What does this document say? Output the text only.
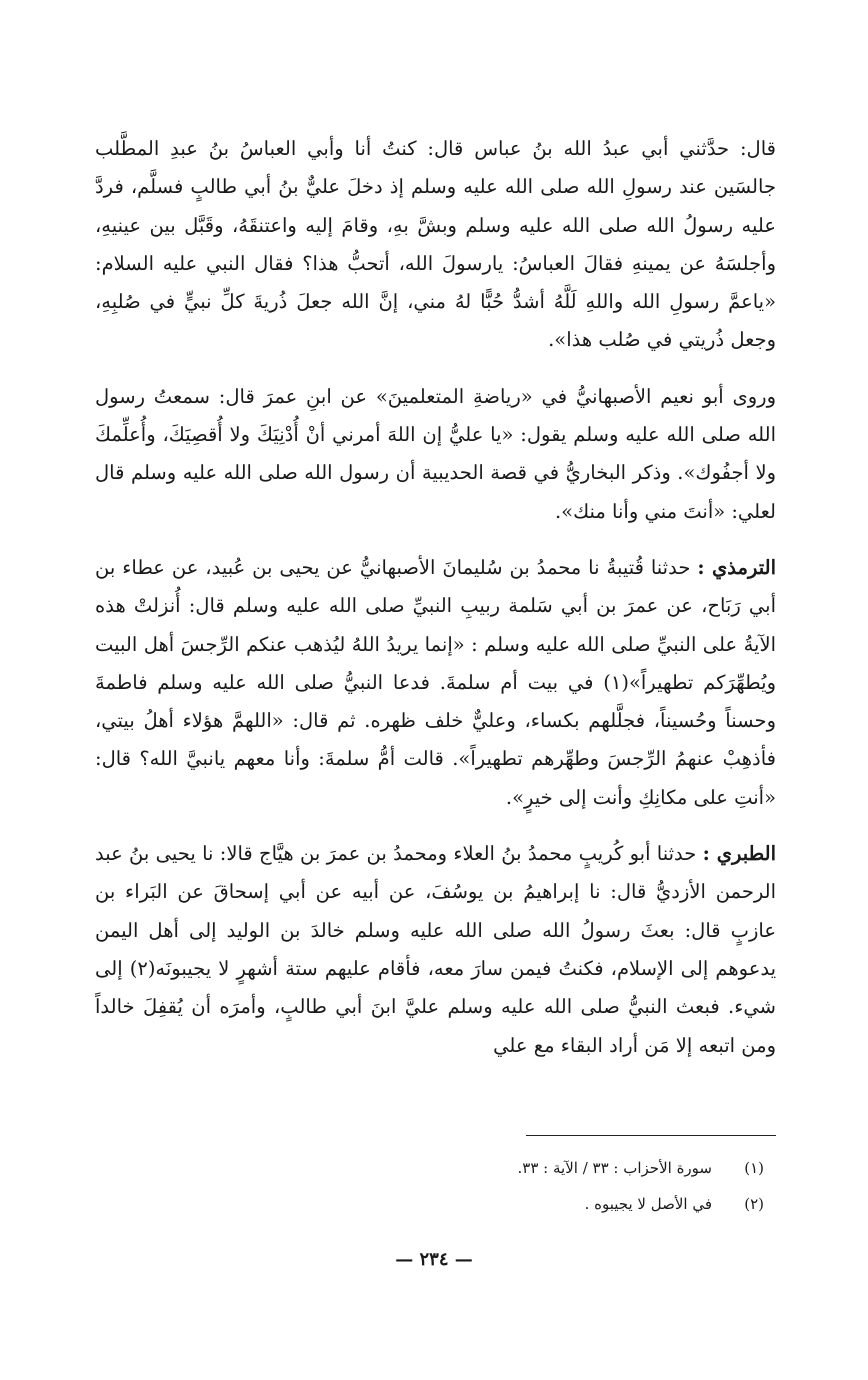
قال: حدَّثني أبي عبدُ الله بنُ عباس قال: كنتُ أنا وأبي العباسُ بنُ عبدِ المطَّلب جالسَين عند رسولِ الله صلى الله عليه وسلم إذ دخلَ عليٌّ بنُ أبي طالبٍ فسلَّم، فردَّ عليه رسولُ الله صلى الله عليه وسلم وبشَّ بهِ، وقامَ إليه واعتنقَهُ، وقَبَّل بين عينيهِ، وأجلسَهُ عن يمينهِ فقالَ العباسُ: يارسولَ الله، أتحبُّ هذا؟ فقال النبي عليه السلام: «ياعمَّ رسولِ الله واللهِ لَلَّهُ أشدُّ حُبًّا لهُ مني، إنَّ الله جعلَ ذُريةَ كلِّ نبيٍّ في صُلبِهِ، وجعل ذُريتي في صُلب هذا».

وروى أبو نعيم الأصبهانيُّ في «رياضةِ المتعلمينَ» عن ابنِ عمرَ قال: سمعتُ رسول الله صلى الله عليه وسلم يقول: «يا عليُّ إن اللهَ أمرني أنْ أُدْنِيَكَ ولا أُقصِيَكَ، وأُعلِّمكَ ولا أجفُوك». وذكر البخاريُّ في قصة الحديبية أن رسول الله صلى الله عليه وسلم قال لعلي: «أنتَ مني وأنا منك».

الترمذي : حدثنا قُتيبةُ نا محمدُ بن سُليمانَ الأصبهانيُّ عن يحيى بن عُبيد، عن عطاء بن أبي رَبَاح، عن عمرَ بن أبي سَلمة ربيبِ النبيِّ صلى الله عليه وسلم قال: أُنزلتْ هذه الآيةُ على النبيِّ صلى الله عليه وسلم : «إنما يريدُ اللهُ ليُذهب عنكم الرِّجسَ أهل البيت ويُطهِّرَكم تطهيراً»(١) في بيت أم سلمةَ. فدعا النبيُّ صلى الله عليه وسلم فاطمةَ وحسناً وحُسيناً، فجلَّلهم بكساء، وعليٌّ خلف ظهره. ثم قال: «اللهمَّ هؤلاء أهلُ بيتي، فأذهِبْ عنهمُ الرِّجسَ وطهِّرهم تطهيراً». قالت أمُّ سلمةَ: وأنا معهم يانبيَّ الله؟ قال: «أنتِ على مكانِكِ وأنت إلى خيرٍ».

الطبري : حدثنا أبو كُريبٍ محمدُ بنُ العلاء ومحمدُ بن عمرَ بن هيَّاج قالا: نا يحيى بنُ عبد الرحمن الأزديُّ قال: نا إبراهيمُ بن يوسُفَ، عن أبيه عن أبي إسحاقَ عن البَراء بن عازبٍ قال: بعثَ رسولُ الله صلى الله عليه وسلم خالدَ بن الوليد إلى أهل اليمن يدعوهم إلى الإسلام، فكنتُ فيمن سارَ معه، فأقام عليهم ستة أشهرٍ لا يجيبونَه(٢) إلى شيء. فبعث النبيُّ صلى الله عليه وسلم عليَّ ابنَ أبي طالبٍ، وأمرَه أن يُقفِلَ خالداً ومن اتبعه إلا مَن أراد البقاء مع علي

(١)
سورة الأحزاب : ٣٣ / الآية : ٣٣.
(٢)
في الأصل لا يجيبوه .
— ٢٣٤ —
